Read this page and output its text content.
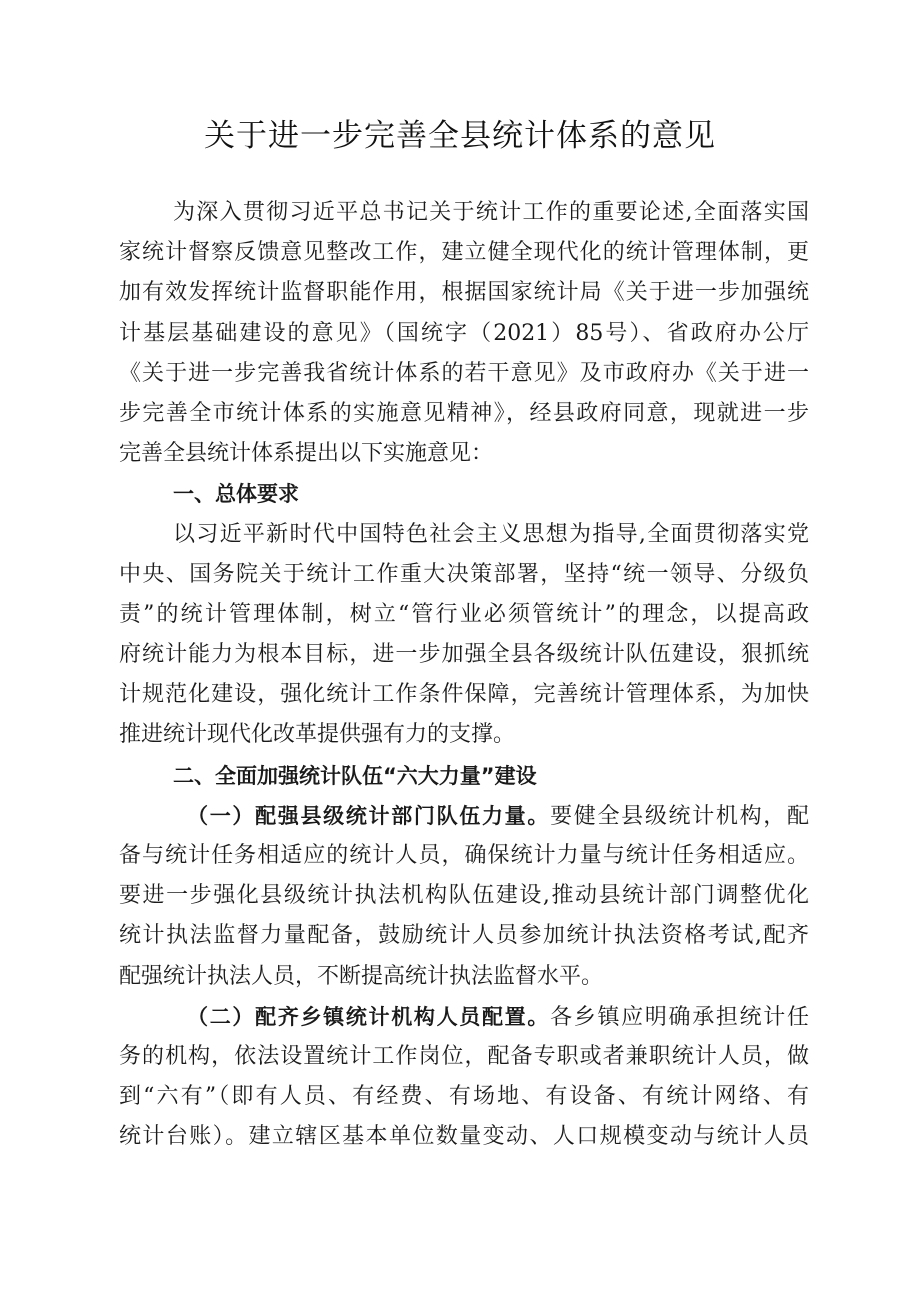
关于进一步完善全县统计体系的意见
为深入贯彻习近平总书记关于统计工作的重要论述,全面落实国
家统计督察反馈意见整改工作，建立健全现代化的统计管理体制，更
加有效发挥统计监督职能作用，根据国家统计局《关于进一步加强统
计基层基础建设的意见》（国统字（2021）85号）、省政府办公厅
《关于进一步完善我省统计体系的若干意见》及市政府办《关于进一
步完善全市统计体系的实施意见精神》，经县政府同意，现就进一步
完善全县统计体系提出以下实施意见：
一、总体要求
以习近平新时代中国特色社会主义思想为指导,全面贯彻落实党
中央、国务院关于统计工作重大决策部署，坚持“统一领导、分级负
责”的统计管理体制，树立“管行业必须管统计”的理念，以提高政
府统计能力为根本目标，进一步加强全县各级统计队伍建设，狠抓统
计规范化建设，强化统计工作条件保障，完善统计管理体系，为加快
推进统计现代化改革提供强有力的支撑。
二、全面加强统计队伍“六大力量”建设
（一）配强县级统计部门队伍力量。要健全县级统计机构，配
备与统计任务相适应的统计人员，确保统计力量与统计任务相适应。
要进一步强化县级统计执法机构队伍建设,推动县统计部门调整优化
统计执法监督力量配备，鼓励统计人员参加统计执法资格考试,配齐
配强统计执法人员，不断提高统计执法监督水平。
（二）配齐乡镇统计机构人员配置。各乡镇应明确承担统计任
务的机构，依法设置统计工作岗位，配备专职或者兼职统计人员，做
到“六有”（即有人员、有经费、有场地、有设备、有统计网络、有
统计台账）。建立辖区基本单位数量变动、人口规模变动与统计人员
